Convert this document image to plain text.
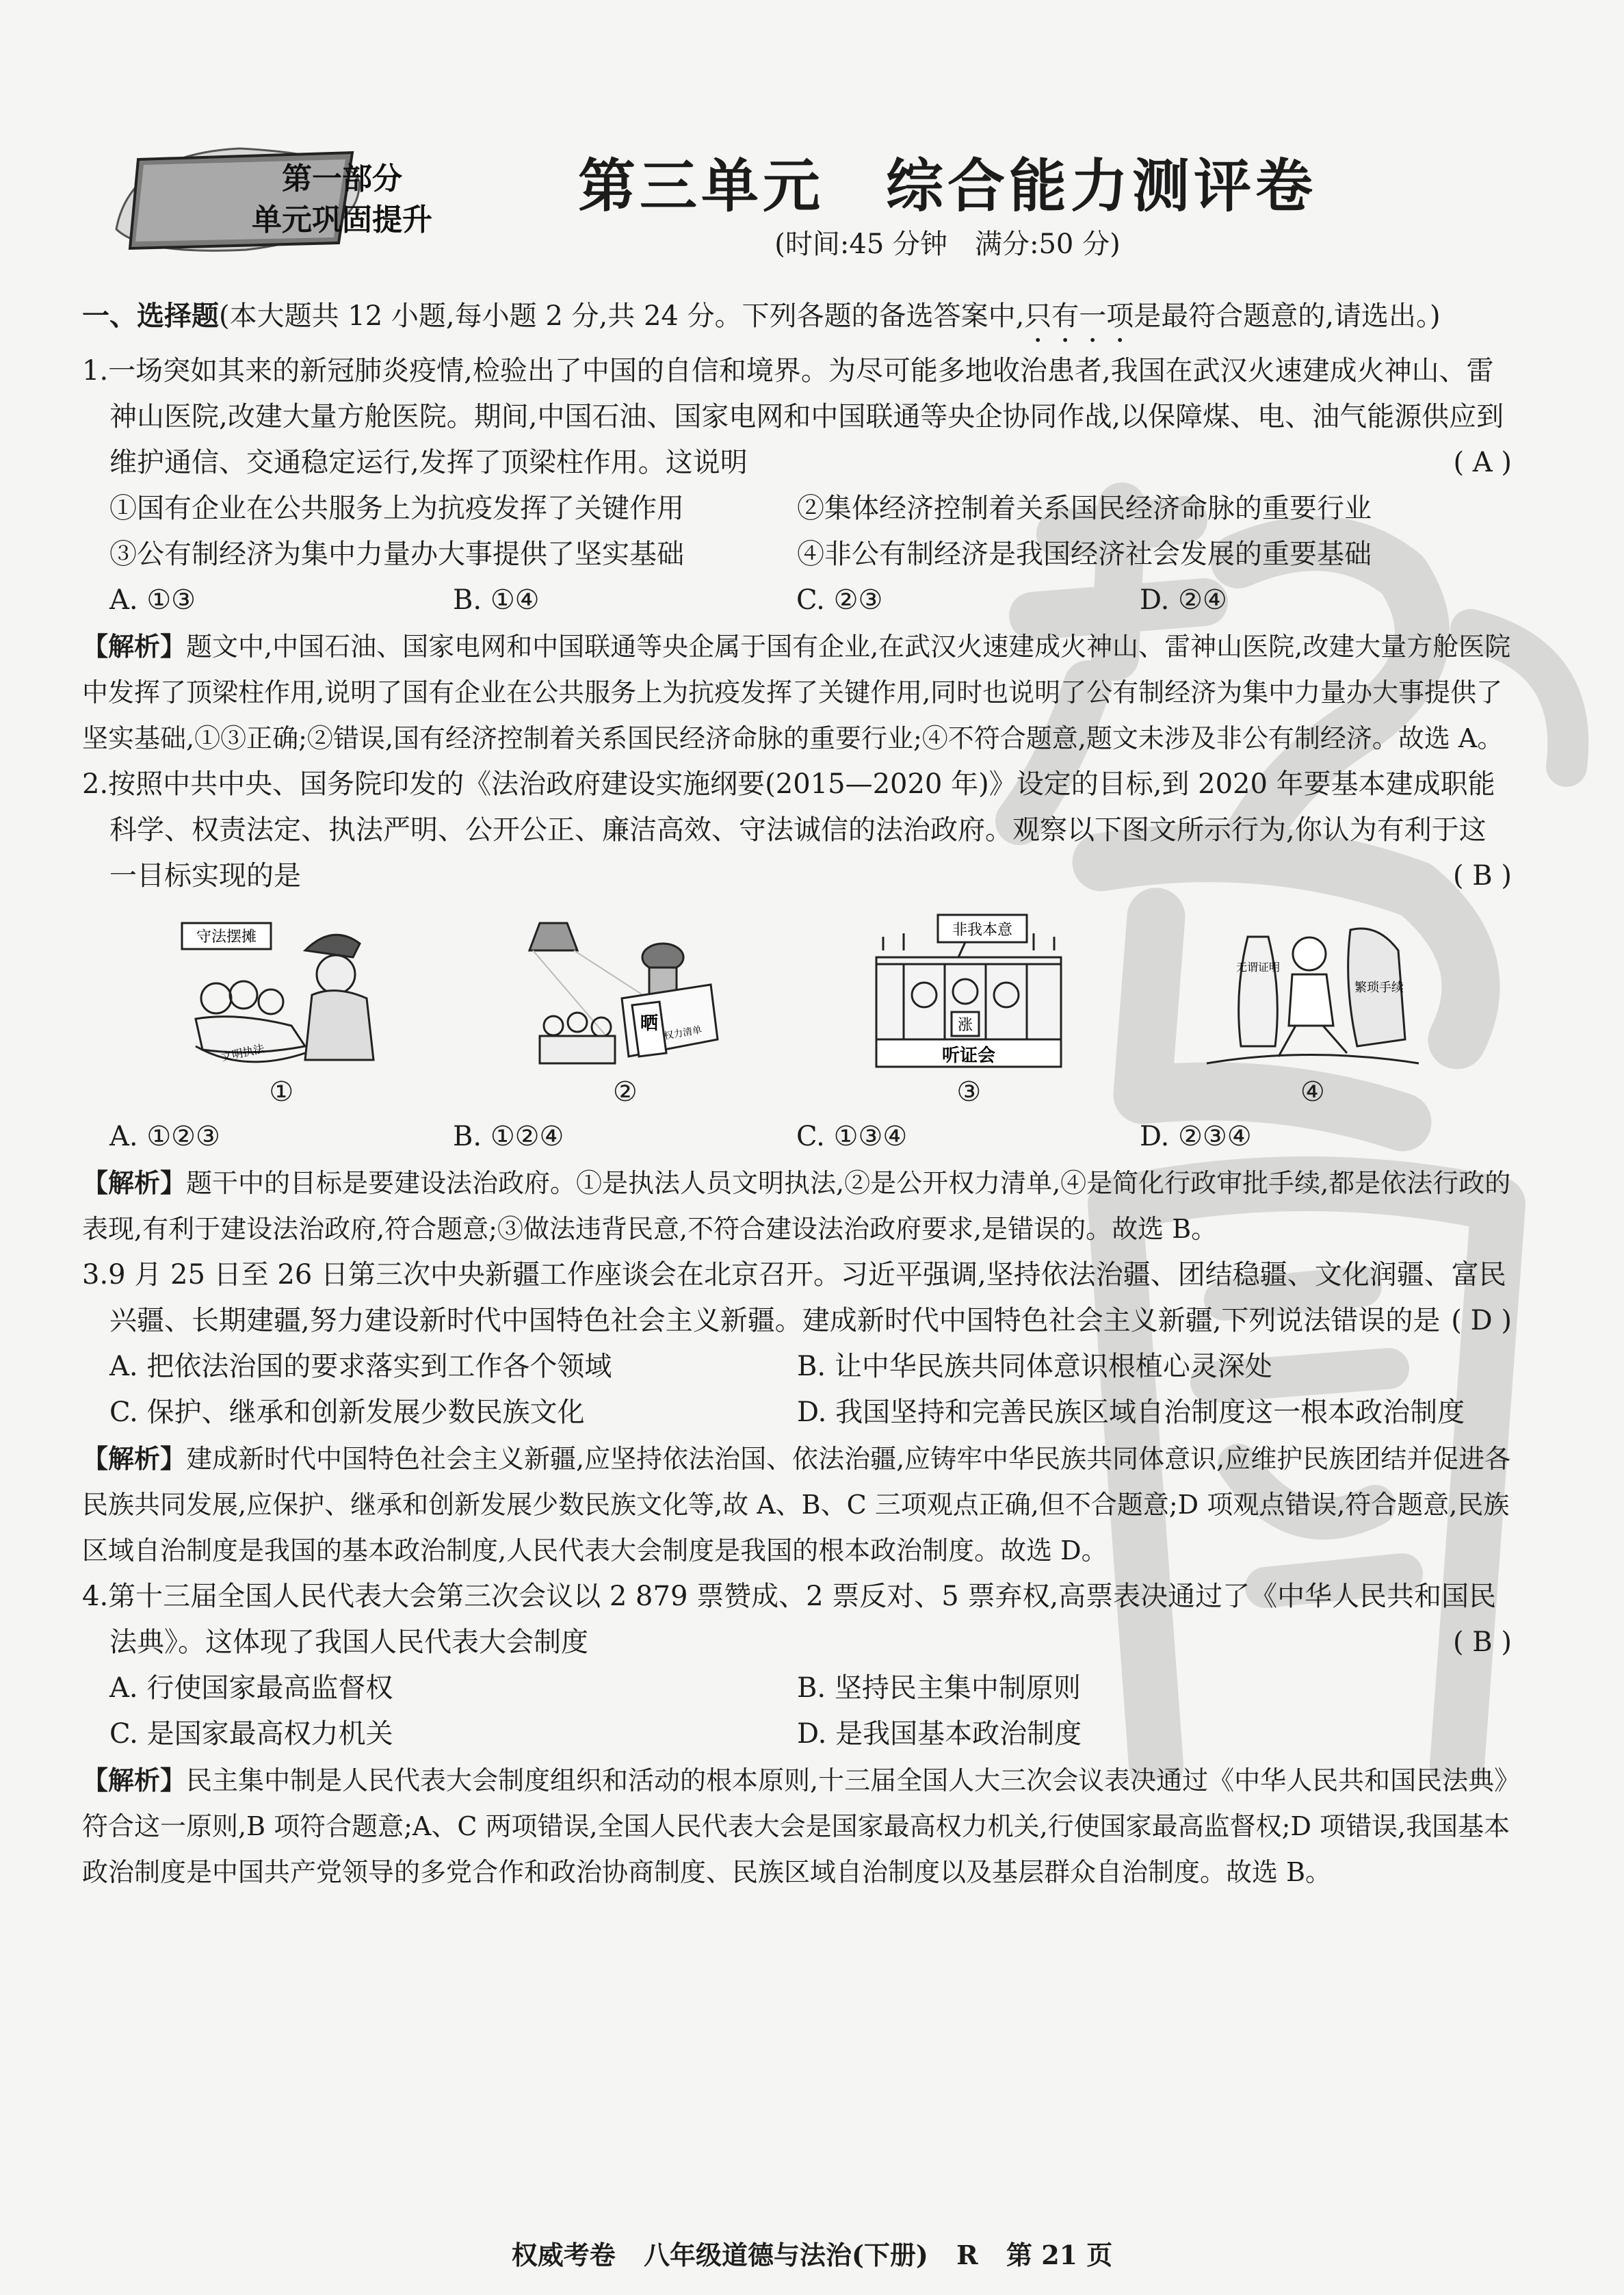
第一部分
单元巩固提升
第三单元　综合能力测评卷
(时间:45 分钟　满分:50 分)

一、选择题(本大题共 12 小题,每小题 2 分,共 24 分。下列各题的备选答案中,只有一项是最符合题意的,请选出。)

1.一场突如其来的新冠肺炎疫情,检验出了中国的自信和境界。为尽可能多地收治患者,我国在武汉火速建成火神山、雷神山医院,改建大量方舱医院。期间,中国石油、国家电网和中国联通等央企协同作战,以保障煤、电、油气能源供应到维护通信、交通稳定运行,发挥了顶梁柱作用。这说明	( A )

①国有企业在公共服务上为抗疫发挥了关键作用	②集体经济控制着关系国民经济命脉的重要行业
③公有制经济为集中力量办大事提供了坚实基础	④非公有制经济是我国经济社会发展的重要基础
A. ①③	B. ①④	C. ②③	D. ②④

【解析】题文中,中国石油、国家电网和中国联通等央企属于国有企业,在武汉火速建成火神山、雷神山医院,改建大量方舱医院中发挥了顶梁柱作用,说明了国有企业在公共服务上为抗疫发挥了关键作用,同时也说明了公有制经济为集中力量办大事提供了坚实基础,①③正确;②错误,国有经济控制着关系国民经济命脉的重要行业;④不符合题意,题文未涉及非公有制经济。故选 A。

2.按照中共中央、国务院印发的《法治政府建设实施纲要(2015—2020 年)》设定的目标,到 2020 年要基本建成职能科学、权责法定、执法严明、公开公正、廉洁高效、守法诚信的法治政府。观察以下图文所示行为,你认为有利于这一目标实现的是	( B )

守法摆摊
文明执法
①
晒 权力清单
②
非我本意
涨
听证会
③
无谓证明
繁琐手续
④
A. ①②③	B. ①②④	C. ①③④	D. ②③④

【解析】题干中的目标是要建设法治政府。①是执法人员文明执法,②是公开权力清单,④是简化行政审批手续,都是依法行政的表现,有利于建设法治政府,符合题意;③做法违背民意,不符合建设法治政府要求,是错误的。故选 B。

3.9 月 25 日至 26 日第三次中央新疆工作座谈会在北京召开。习近平强调,坚持依法治疆、团结稳疆、文化润疆、富民兴疆、长期建疆,努力建设新时代中国特色社会主义新疆。建成新时代中国特色社会主义新疆,下列说法错误的是 ( D )

A. 把依法治国的要求落实到工作各个领域	B. 让中华民族共同体意识根植心灵深处
C. 保护、继承和创新发展少数民族文化	D. 我国坚持和完善民族区域自治制度这一根本政治制度

【解析】建成新时代中国特色社会主义新疆,应坚持依法治国、依法治疆,应铸牢中华民族共同体意识,应维护民族团结并促进各民族共同发展,应保护、继承和创新发展少数民族文化等,故 A、B、C 三项观点正确,但不合题意;D 项观点错误,符合题意,民族区域自治制度是我国的基本政治制度,人民代表大会制度是我国的根本政治制度。故选 D。

4.第十三届全国人民代表大会第三次会议以 2 879 票赞成、2 票反对、5 票弃权,高票表决通过了《中华人民共和国民法典》。这体现了我国人民代表大会制度	( B )

A. 行使国家最高监督权	B. 坚持民主集中制原则
C. 是国家最高权力机关	D. 是我国基本政治制度

【解析】民主集中制是人民代表大会制度组织和活动的根本原则,十三届全国人大三次会议表决通过《中华人民共和国民法典》符合这一原则,B 项符合题意;A、C 两项错误,全国人民代表大会是国家最高权力机关,行使国家最高监督权;D 项错误,我国基本政治制度是中国共产党领导的多党合作和政治协商制度、民族区域自治制度以及基层群众自治制度。故选 B。

权威考卷 八年级道德与法治(下册) R 第 21 页
